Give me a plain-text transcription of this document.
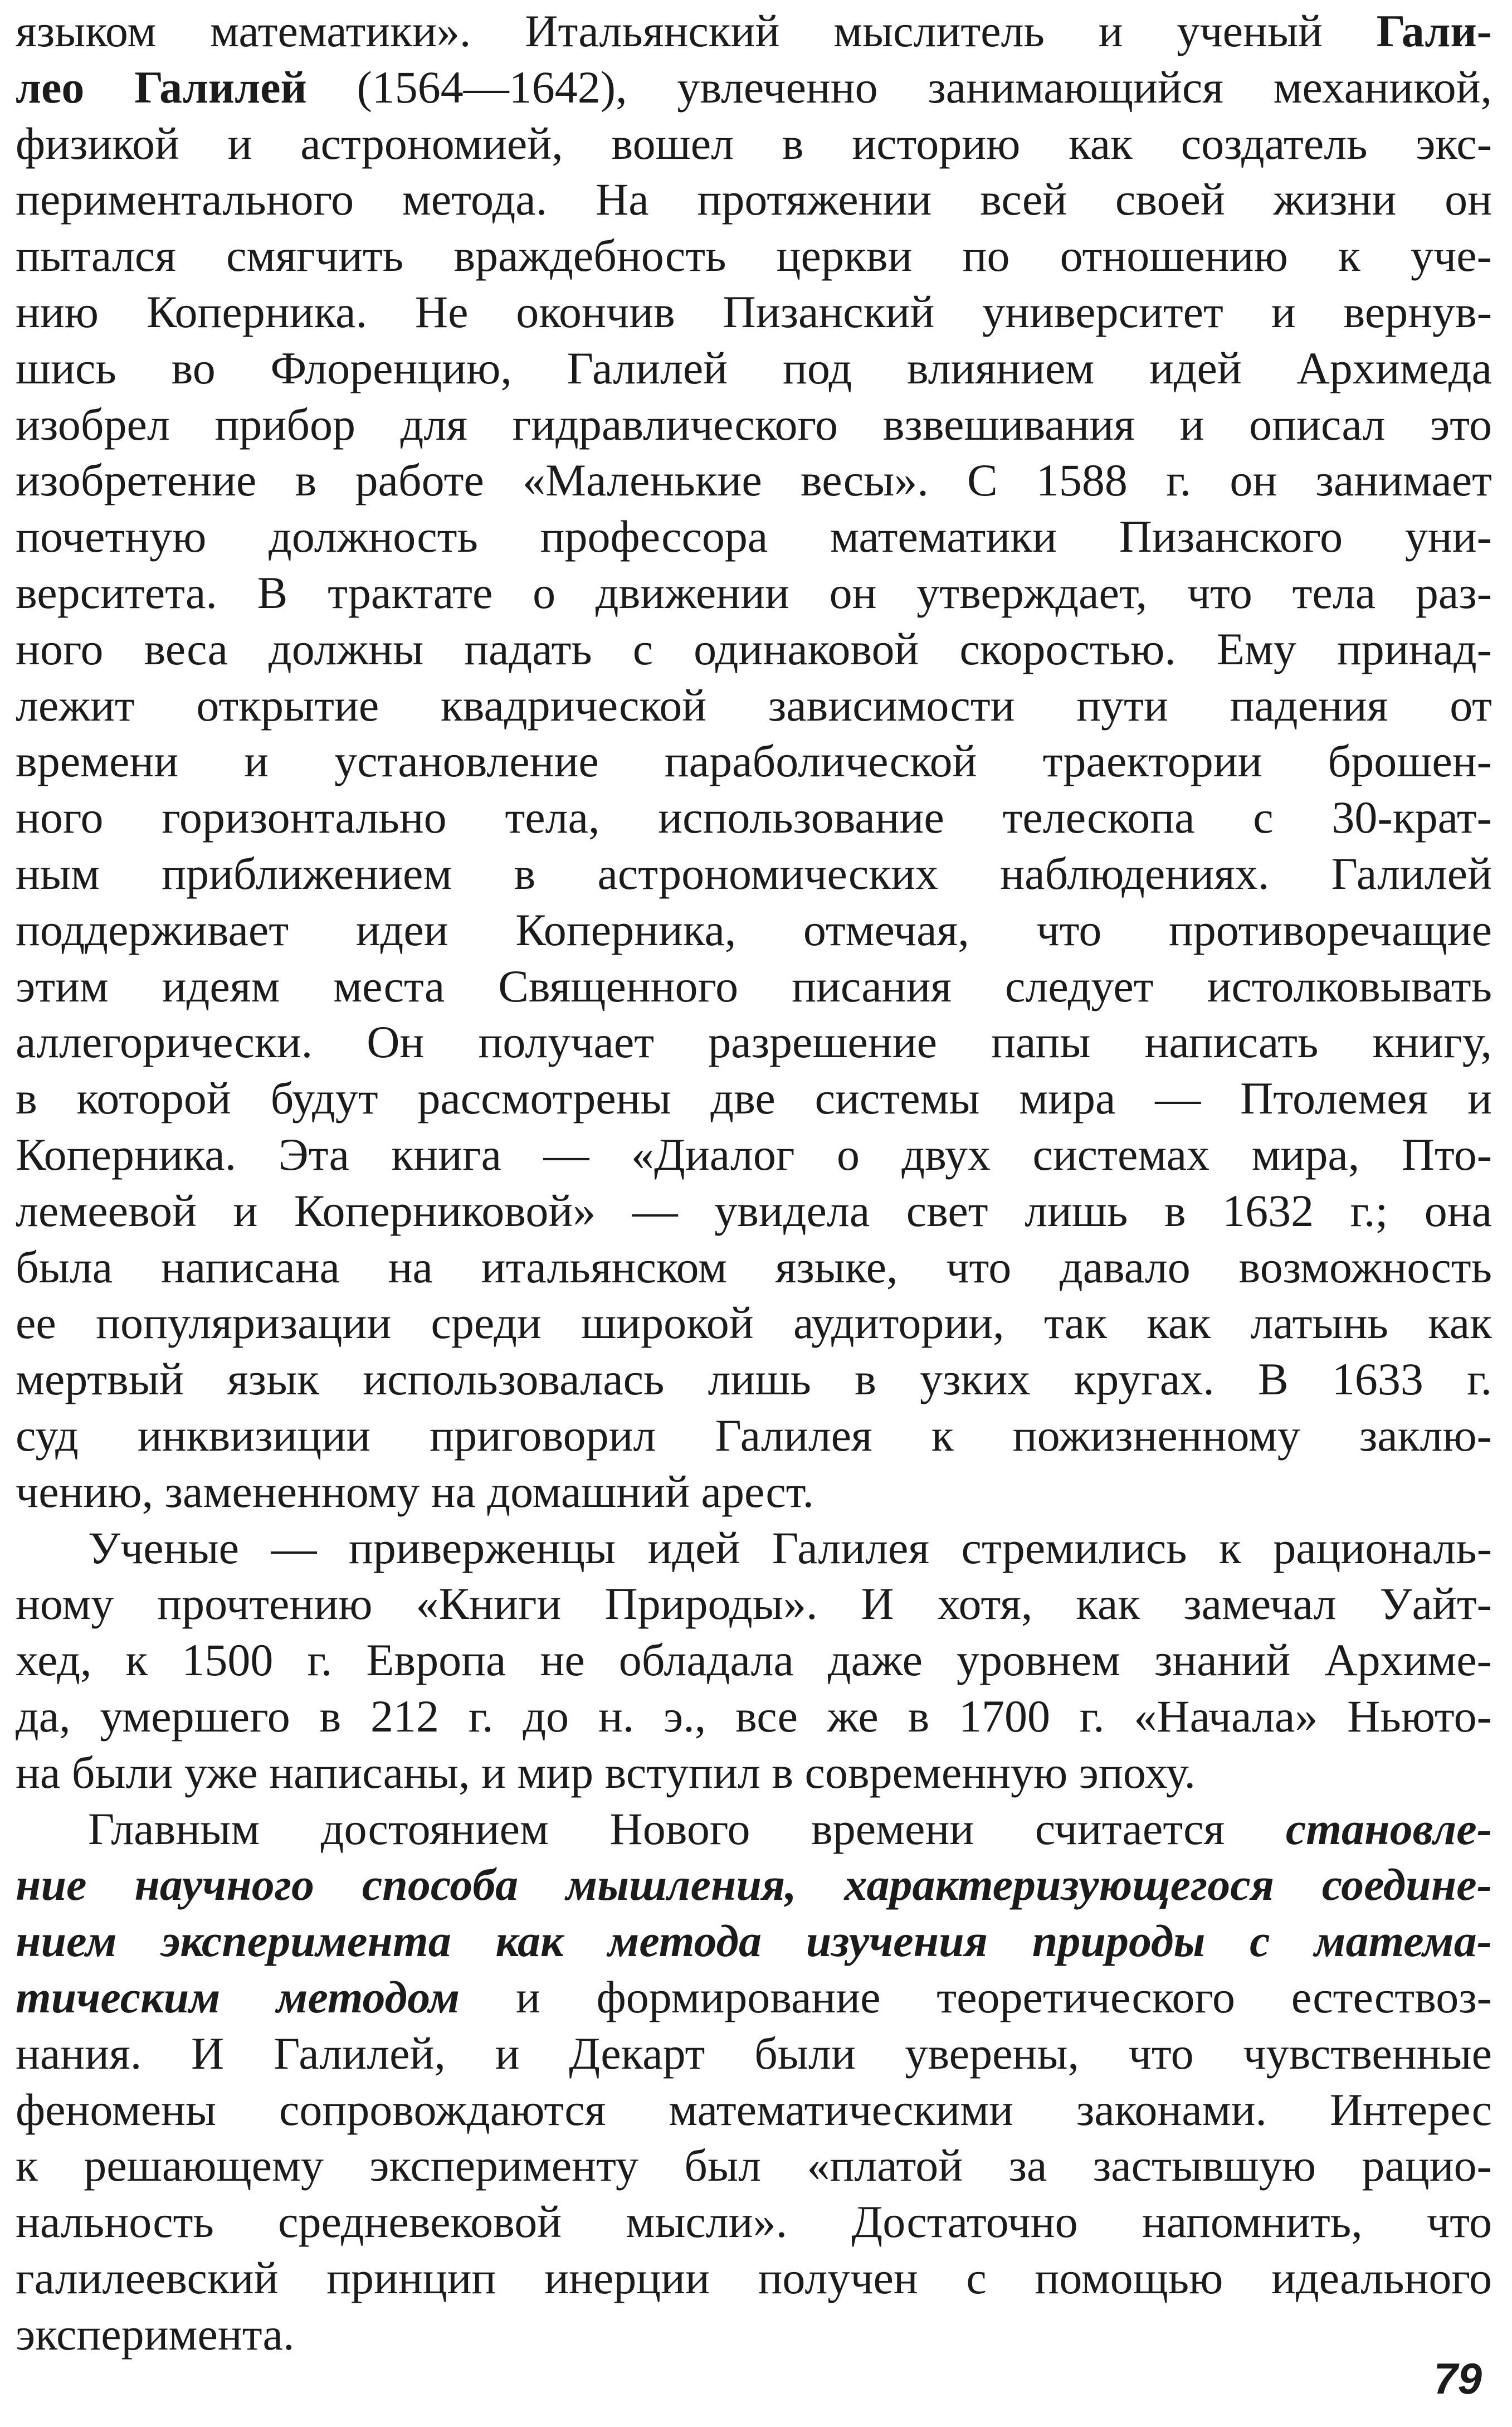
языком математики». Итальянский мыслитель и ученый Гали-
лео Галилей (1564—1642), увлеченно занимающийся механикой,
физикой и астрономией, вошел в историю как создатель экс-
периментального метода. На протяжении всей своей жизни он
пытался смягчить враждебность церкви по отношению к уче-
нию Коперника. Не окончив Пизанский университет и вернув-
шись во Флоренцию, Галилей под влиянием идей Архимеда
изобрел прибор для гидравлического взвешивания и описал это
изобретение в работе «Маленькие весы». С 1588 г. он занимает
почетную должность профессора математики Пизанского уни-
верситета. В трактате о движении он утверждает, что тела раз-
ного веса должны падать с одинаковой скоростью. Ему принад-
лежит открытие квадрической зависимости пути падения от
времени и установление параболической траектории брошен-
ного горизонтально тела, использование телескопа с 30-крат-
ным приближением в астрономических наблюдениях. Галилей
поддерживает идеи Коперника, отмечая, что противоречащие
этим идеям места Священного писания следует истолковывать
аллегорически. Он получает разрешение папы написать книгу,
в которой будут рассмотрены две системы мира — Птолемея и
Коперника. Эта книга — «Диалог о двух системах мира, Пто-
лемеевой и Коперниковой» — увидела свет лишь в 1632 г.; она
была написана на итальянском языке, что давало возможность
ее популяризации среди широкой аудитории, так как латынь как
мертвый язык использовалась лишь в узких кругах. В 1633 г.
суд инквизиции приговорил Галилея к пожизненному заклю-
чению, замененному на домашний арест.
Ученые — приверженцы идей Галилея стремились к рациональ-
ному прочтению «Книги Природы». И хотя, как замечал Уайт-
хед, к 1500 г. Европа не обладала даже уровнем знаний Архиме-
да, умершего в 212 г. до н. э., все же в 1700 г. «Начала» Ньюто-
на были уже написаны, и мир вступил в современную эпоху.
Главным достоянием Нового времени считается становле-
ние научного способа мышления, характеризующегося соедине-
нием эксперимента как метода изучения природы с матема-
тическим методом и формирование теоретического естествоз-
нания. И Галилей, и Декарт были уверены, что чувственные
феномены сопровождаются математическими законами. Интерес
к решающему эксперименту был «платой за застывшую рацио-
нальность средневековой мысли». Достаточно напомнить, что
галилеевский принцип инерции получен с помощью идеального
эксперимента.
79
